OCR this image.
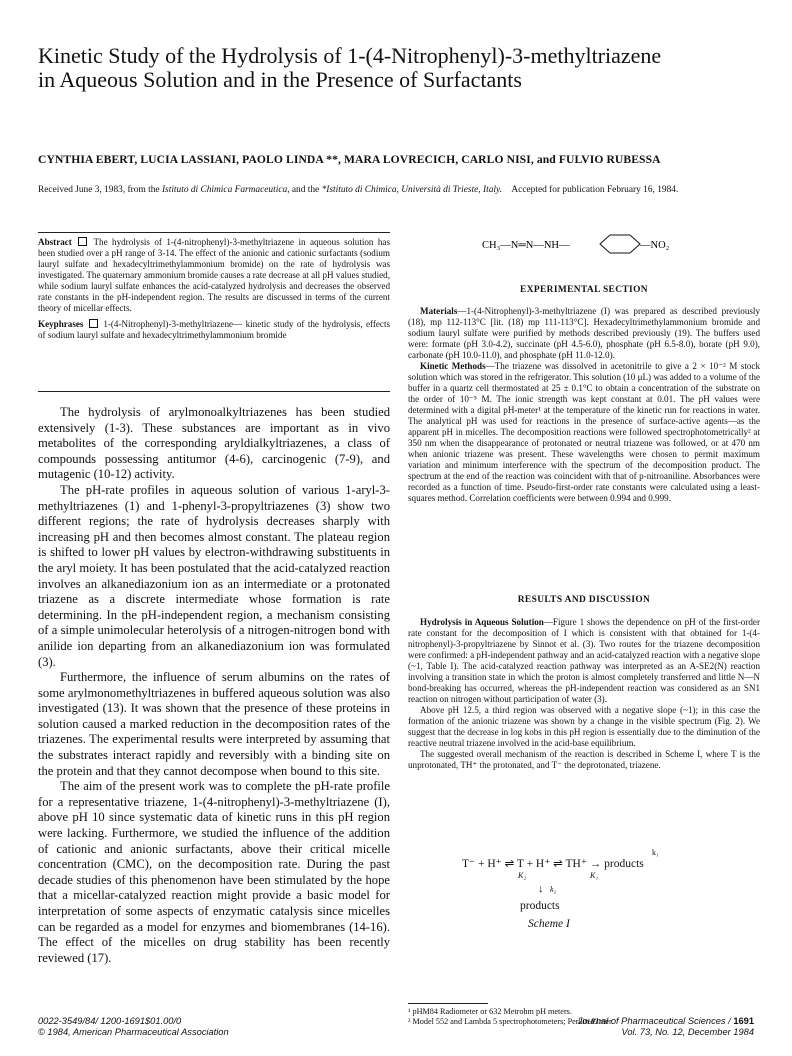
Kinetic Study of the Hydrolysis of 1-(4-Nitrophenyl)-3-methyltriazene in Aqueous Solution and in the Presence of Surfactants
CYNTHIA EBERT, LUCIA LASSIANI, PAOLO LINDA **, MARA LOVRECICH, CARLO NISI, and FULVIO RUBESSA
Received June 3, 1983, from the Istituto di Chimica Farmaceutica, and the *Istituto di Chimica, Università di Trieste, Italy. Accepted for publication February 16, 1984.
Abstract The hydrolysis of 1-(4-nitrophenyl)-3-methyltriazene in aqueous solution has been studied over a pH range of 3-14. The effect of the anionic and cationic surfactants (sodium lauryl sulfate and hexadecyltrimethylammonium bromide) on the rate of hydrolysis was investigated. The quaternary ammonium bromide causes a rate decrease at all pH values studied, while sodium lauryl sulfate enhances the acid-catalyzed hydrolysis and decreases the observed rate constants in the pH-independent region. The results are discussed in terms of the current theory of micellar effects.
Keyphrases 1-(4-Nitrophenyl)-3-methyltriazene— kinetic study of the hydrolysis, effects of sodium lauryl sulfate and hexadecyltrimethylammonium bromide

The hydrolysis of arylmonoalkyltriazenes has been studied extensively (1-3). These substances are important as in vivo metabolites of the corresponding aryldialkyltriazenes, a class of compounds possessing antitumor (4-6), carcinogenic (7-9), and mutagenic (10-12) activity.

The pH-rate profiles in aqueous solution of various 1-aryl-3-methyltriazenes (1) and 1-phenyl-3-propyltriazenes (3) show two different regions; the rate of hydrolysis decreases sharply with increasing pH and then becomes almost constant. The plateau region is shifted to lower pH values by electron-withdrawing substituents in the aryl moiety. It has been postulated that the acid-catalyzed reaction involves an alkanediazonium ion as an intermediate or a protonated triazene as a discrete intermediate whose formation is rate determining. In the pH-independent region, a mechanism consisting of a simple unimolecular heterolysis of a nitrogen-nitrogen bond with anilide ion departing from an alkanediazonium ion was formulated (3).

Furthermore, the influence of serum albumins on the rates of some arylmonomethyltriazenes in buffered aqueous solution was also investigated (13). It was shown that the presence of these proteins in solution caused a marked reduction in the decomposition rates of the triazenes. The experimental results were interpreted by assuming that the substrates interact rapidly and reversibly with a binding site on the protein and that they cannot decompose when bound to this site.

The aim of the present work was to complete the pH-rate profile for a representative triazene, 1-(4-nitrophenyl)-3-methyltriazene (I), above pH 10 since systematic data of kinetic runs in this pH region were lacking. Furthermore, we studied the influence of the addition of cationic and anionic surfactants, above their critical micelle concentration (CMC), on the decomposition rate. During the past decade studies of this phenomenon have been stimulated by the hope that a micellar-catalyzed reaction might provide a basic model for interpretation of some aspects of enzymatic catalysis since micelles can be regarded as a model for enzymes and biomembranes (14-16). The effect of the micelles on drug stability has been recently reviewed (17).

CH₃—N═N—NH—	—NO₂
EXPERIMENTAL SECTION

Materials—1-(4-Nitrophenyl)-3-methyltriazene (I) was prepared as described previously (18), mp 112-113°C [lit. (18) mp 111-113°C]. Hexadecyltrimethylammonium bromide and sodium lauryl sulfate were purified by methods described previously (19). The buffers used were: formate (pH 3.0-4.2), succinate (pH 4.5-6.0), phosphate (pH 6.5-8.0), borate (pH 9.0), carbonate (pH 10.0-11.0), and phosphate (pH 11.0-12.0).

Kinetic Methods—The triazene was dissolved in acetonitrile to give a 2 × 10⁻² M stock solution which was stored in the refrigerator. This solution (10 μL) was added to a volume of the buffer in a quartz cell thermostated at 25 ± 0.1°C to obtain a concentration of the substrate on the order of 10⁻⁵ M. The ionic strength was kept constant at 0.01. The pH values were determined with a digital pH-meter¹ at the temperature of the kinetic run for reactions in water. The analytical pH was used for reactions in the presence of surface-active agents—as the apparent pH in micelles. The decomposition reactions were followed spectrophotometrically² at 350 nm when the disappearance of protonated or neutral triazene was followed, or at 470 nm when anionic triazene was present. These wavelengths were chosen to permit maximum variation and minimum interference with the spectrum of the decomposition product. The spectrum at the end of the reaction was coincident with that of p-nitroaniline. Absorbances were recorded as a function of time. Pseudo-first-order rate constants were calculated using a least-squares method. Correlation coefficients were between 0.994 and 0.999.

RESULTS AND DISCUSSION

Hydrolysis in Aqueous Solution—Figure 1 shows the dependence on pH of the first-order rate constant for the decomposition of I which is consistent with that obtained for 1-(4-nitrophenyl)-3-propyltriazene by Sinnot et al. (3). Two routes for the triazene decomposition were confirmed: a pH-independent pathway and an acid-catalyzed reaction with a negative slope (~1, Table I). The acid-catalyzed reaction pathway was interpreted as an A-SE2(N) reaction involving a transition state in which the proton is almost completely transferred and little N—N bond-breaking has occurred, whereas the pH-independent reaction was considered as an SN1 reaction on nitrogen without participation of water (3).

Above pH 12.5, a third region was observed with a negative slope (~1); in this case the formation of the anionic triazene was shown by a change in the visible spectrum (Fig. 2). We suggest that the decrease in log kobs in this pH region is essentially due to the diminution of the reactive neutral triazene involved in the acid-base equilibrium.

The suggested overall mechanism of the reaction is described in Scheme I, where T is the unprotonated, TH⁺ the protonated, and T⁻ the deprotonated, triazene.

T⁻ + H⁺ ⇌ T + H⁺ ⇌ TH⁺ → products
k₁
K₂	K₁
↓ k₂
products
Scheme I
¹ pHM84 Radiometer or 632 Metrohm pH meters.
² Model 552 and Lambda 5 spectrophotometers; Perkin-Elmer.
0022-3549/84/ 1200-1691$01.00/0
© 1984, American Pharmaceutical Association
Journal of Pharmaceutical Sciences / 1691
Vol. 73, No. 12, December 1984
